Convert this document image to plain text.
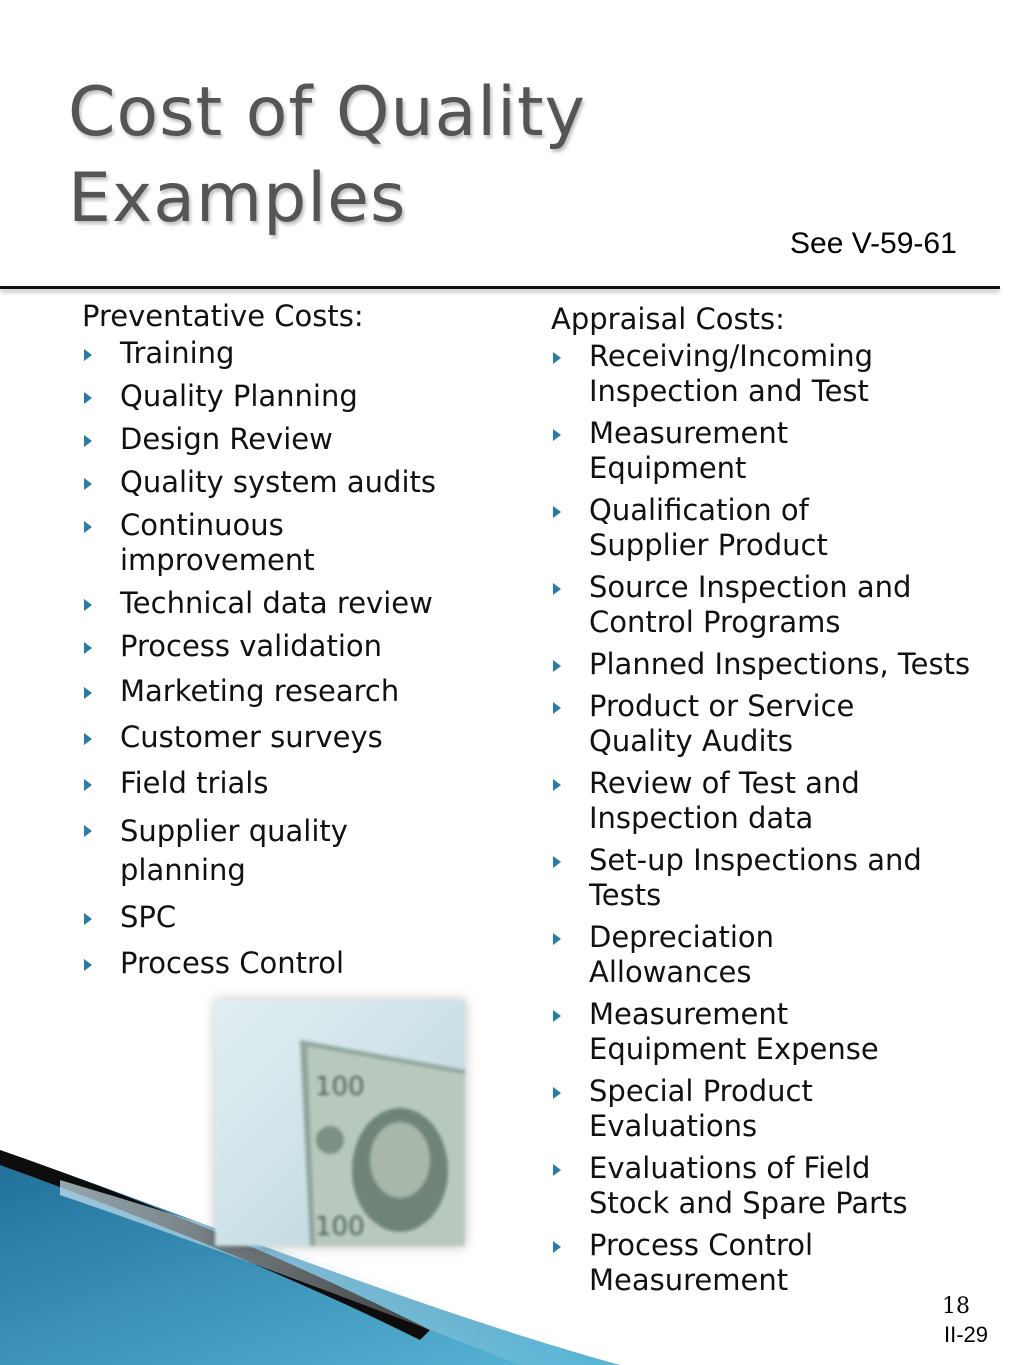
Cost of Quality
Examples
See V-59-61
Preventative Costs:
Training
Quality Planning
Design Review
Quality system audits
Continuous improvement
Technical data review
Process validation
Marketing research
Customer surveys
Field trials
Supplier quality planning
SPC
Process Control
Appraisal Costs:
Receiving/Incoming Inspection and Test
Measurement Equipment
Qualification of Supplier Product
Source Inspection and Control Programs
Planned Inspections, Tests
Product or Service Quality Audits
Review of Test and Inspection data
Set-up Inspections and Tests
Depreciation Allowances
Measurement Equipment Expense
Special Product Evaluations
Evaluations of Field Stock and Spare Parts
Process Control Measurement
100
100
18
II-29
